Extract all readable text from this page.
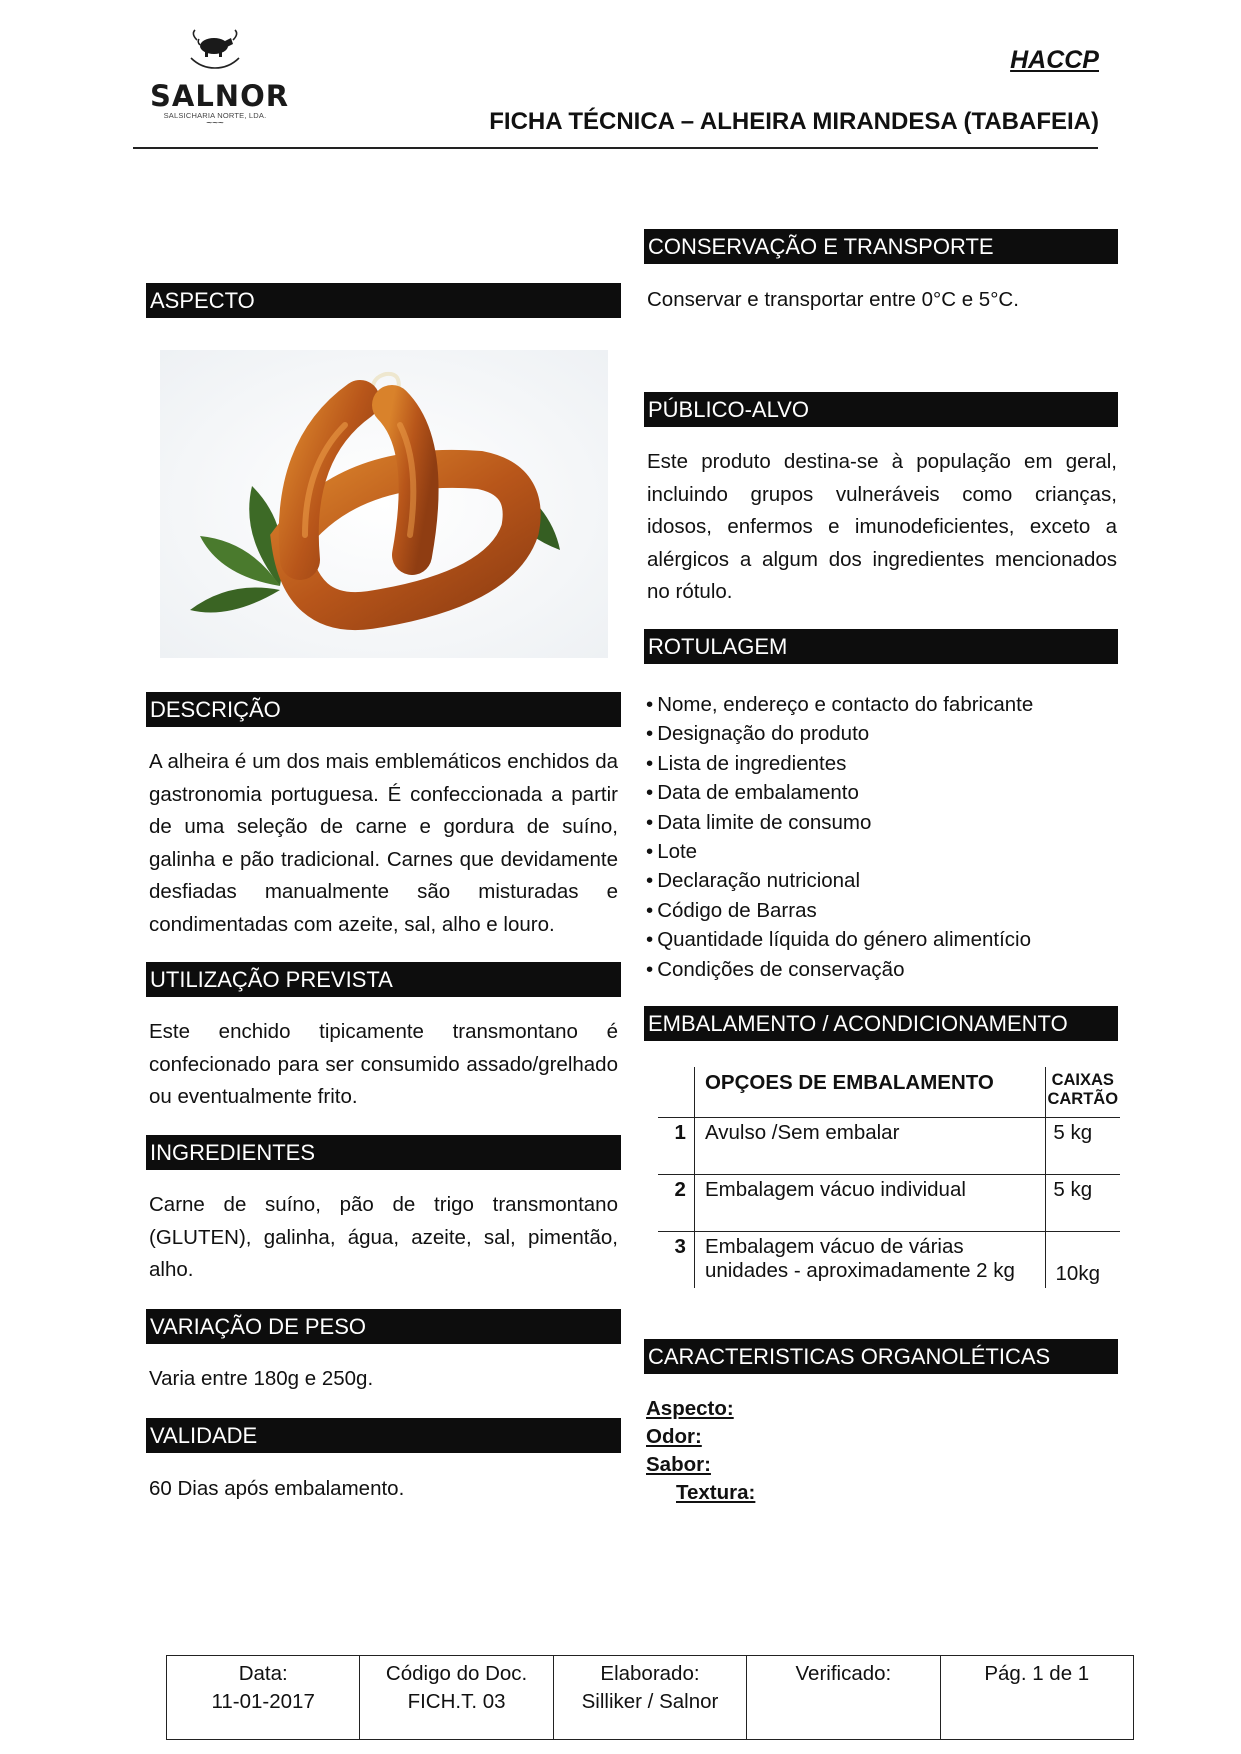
SALNOR
SALSICHARIA NORTE, LDA.
~~~
HACCP
FICHA TÉCNICA – ALHEIRA MIRANDESA (TABAFEIA)
ASPECTO
DESCRIÇÃO
A alheira é um dos mais emblemáticos enchidos da gastronomia portuguesa. É confeccionada a partir de uma seleção de carne e gordura de suíno, galinha e pão tradicional. Carnes que devidamente desfiadas manualmente são misturadas e condimentadas com azeite, sal, alho e louro.
UTILIZAÇÃO PREVISTA
Este enchido tipicamente transmontano é confecionado para ser consumido assado/grelhado ou eventualmente frito.
INGREDIENTES
Carne de suíno, pão de trigo transmontano (GLUTEN), galinha, água, azeite, sal, pimentão, alho.
VARIAÇÃO DE PESO
Varia entre 180g e 250g.
VALIDADE
60 Dias após embalamento.
CONSERVAÇÃO E TRANSPORTE
Conservar e transportar entre 0°C e 5°C.
PÚBLICO-ALVO
Este produto destina-se à população em geral, incluindo grupos vulneráveis como crianças, idosos, enfermos e imunodeficientes, exceto a alérgicos a algum dos ingredientes mencionados no rótulo.
ROTULAGEM
• Nome, endereço e contacto do fabricante
• Designação do produto
• Lista de ingredientes
• Data de embalamento
• Data limite de consumo
• Lote
• Declaração nutricional
• Código de Barras
• Quantidade líquida do género alimentício
• Condições de conservação
EMBALAMENTO / ACONDICIONAMENTO
	OPÇOES DE EMBALAMENTO	CAIXAS
CARTÃO

1	Avulso /Sem embalar	5 kg
2	Embalagem vácuo individual	5 kg
3	Embalagem vácuo de várias unidades - aproximadamente 2 kg	10kg
CARACTERISTICAS ORGANOLÉTICAS
Aspecto:
Odor:
Sabor:
Textura:
Data:
11-01-2017

Código do Doc.
FICH.T. 03

Elaborado:
Silliker / Salnor

Verificado:	Pág. 1 de 1
